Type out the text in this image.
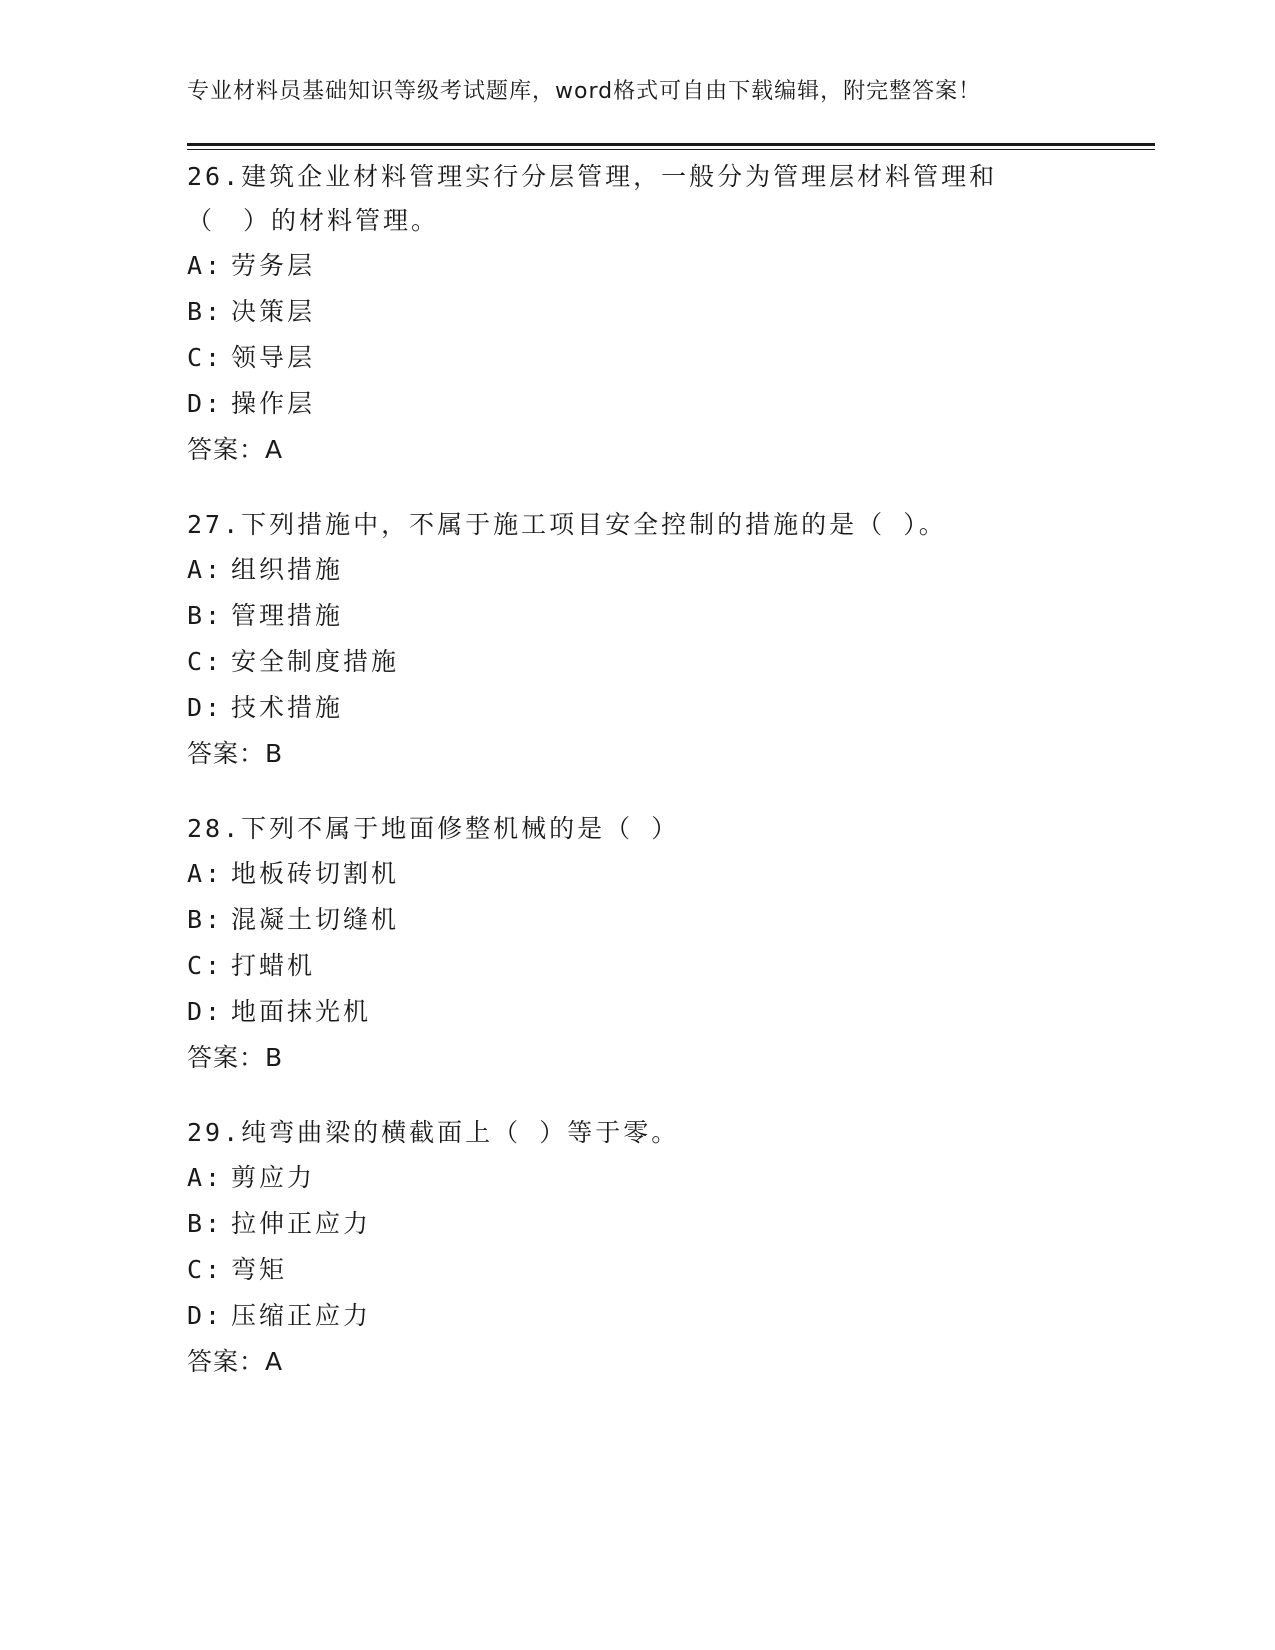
专业材料员基础知识等级考试题库，word格式可自由下载编辑，附完整答案！
26.建筑企业材料管理实行分层管理，一般分为管理层材料管理和（　）的材料管理。
A: 劳务层
B: 决策层
C: 领导层
D: 操作层
答案：A
27.下列措施中，不属于施工项目安全控制的措施的是（ ）。
A: 组织措施
B: 管理措施
C: 安全制度措施
D: 技术措施
答案：B
28.下列不属于地面修整机械的是（ ）
A: 地板砖切割机
B: 混凝土切缝机
C: 打蜡机
D: 地面抹光机
答案：B
29.纯弯曲梁的横截面上（ ）等于零。
A: 剪应力
B: 拉伸正应力
C: 弯矩
D: 压缩正应力
答案：A
